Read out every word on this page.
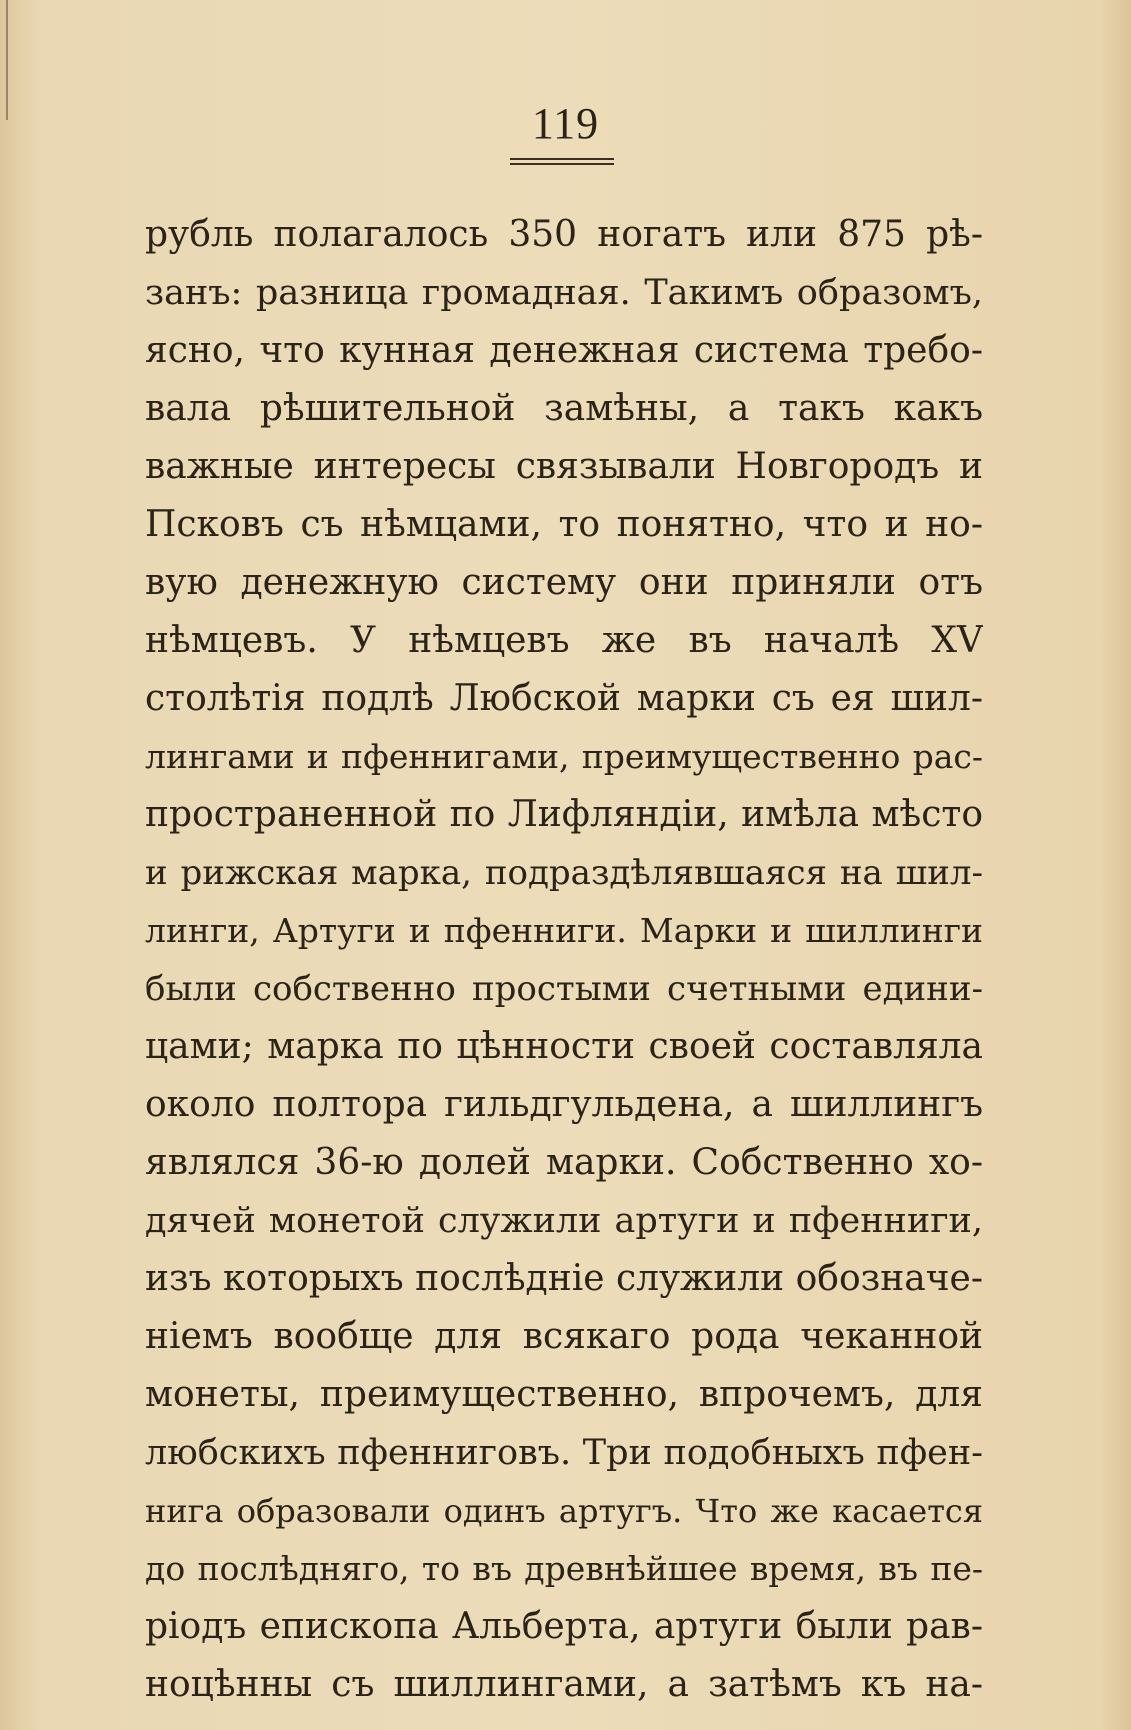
119
рубль полагалось 350 ногатъ или 875 рѣ-
занъ: разница громадная. Такимъ образомъ,
ясно, что кунная денежная система требо-
вала рѣшительной замѣны, а такъ какъ
важные интересы связывали Новгородъ и
Псковъ съ нѣмцами, то понятно, что и но-
вую денежную систему они приняли отъ
нѣмцевъ. У нѣмцевъ же въ началѣ XV
столѣтія подлѣ Любской марки съ ея шил-
лингами и пфеннигами, преимущественно рас-
пространенной по Лифляндіи, имѣла мѣсто
и рижская марка, подраздѣлявшаяся на шил-
линги, Артуги и пфенниги. Марки и шиллинги
были собственно простыми счетными едини-
цами; марка по цѣнности своей составляла
около полтора гильдгульдена, а шиллингъ
являлся 36-ю долей марки. Собственно хо-
дячей монетой служили артуги и пфенниги,
изъ которыхъ послѣдніе служили обозначе-
ніемъ вообще для всякаго рода чеканной
монеты, преимущественно, впрочемъ, для
любскихъ пфенниговъ. Три подобныхъ пфен-
нига образовали одинъ артугъ. Что же касается
до послѣдняго, то въ древнѣйшее время, въ пе-
ріодъ епископа Альберта, артуги были рав-
ноцѣнны съ шиллингами, а затѣмъ къ на-
